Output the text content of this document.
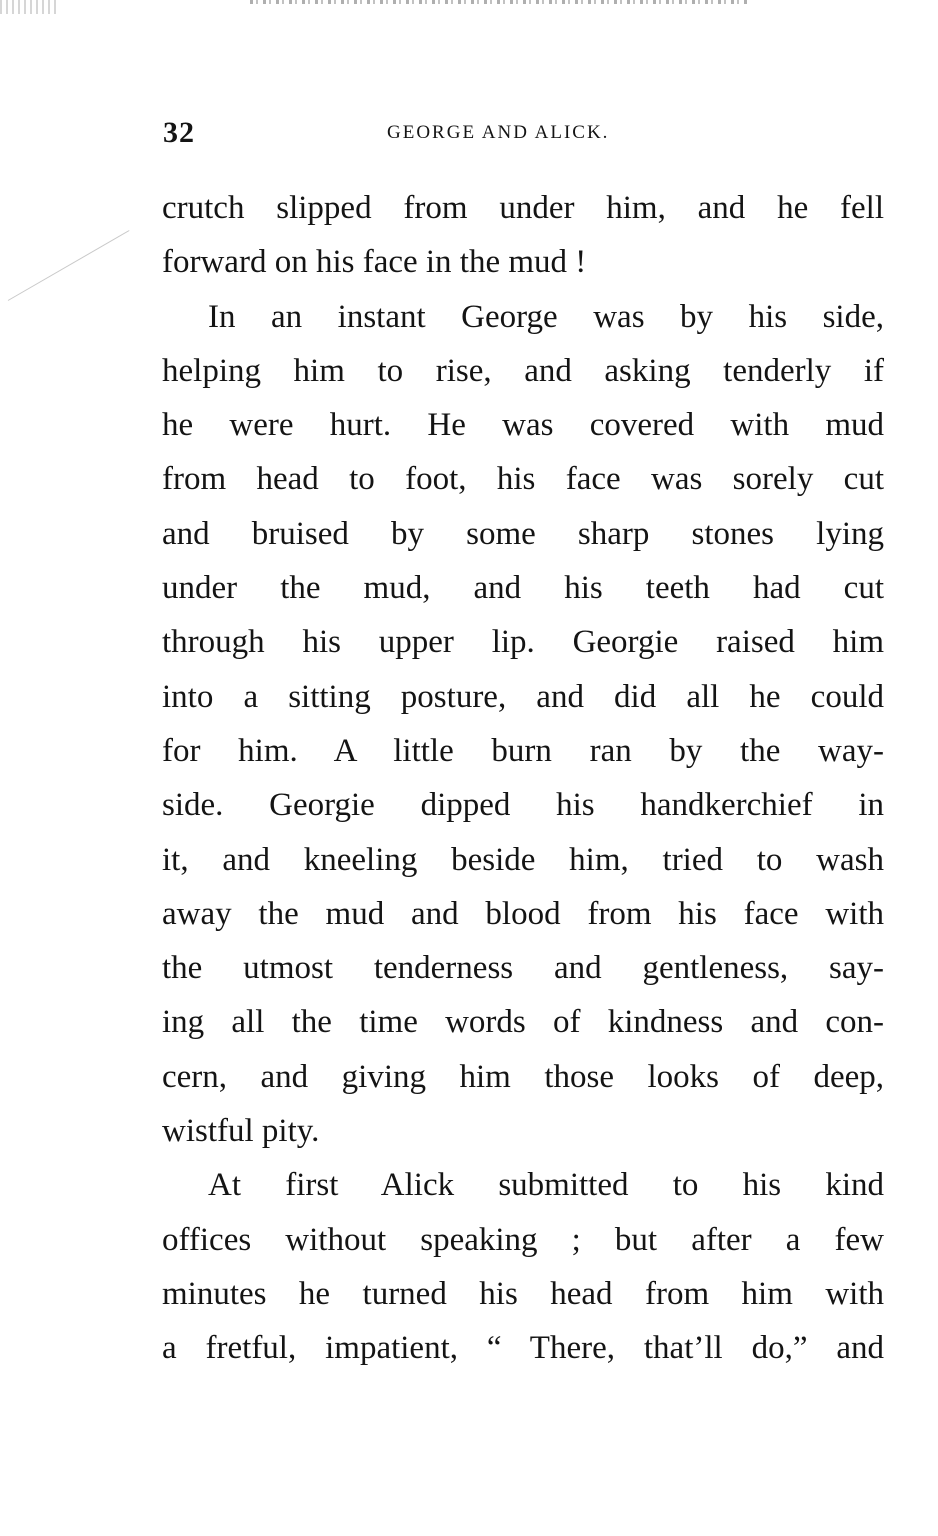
32	GEORGE AND ALICK.
crutch slipped from under him, and he fell
forward on his face in the mud !
In an instant George was by his side,
helping him to rise, and asking tenderly if
he were hurt. He was covered with mud
from head to foot, his face was sorely cut
and bruised by some sharp stones lying
under the mud, and his teeth had cut
through his upper lip. Georgie raised him
into a sitting posture, and did all he could
for him. A little burn ran by the way-
side. Georgie dipped his handkerchief in
it, and kneeling beside him, tried to wash
away the mud and blood from his face with
the utmost tenderness and gentleness, say-
ing all the time words of kindness and con-
cern, and giving him those looks of deep,
wistful pity.
At first Alick submitted to his kind
offices without speaking ; but after a few
minutes he turned his head from him with
a fretful, impatient, “ There, that’ll do,” and
